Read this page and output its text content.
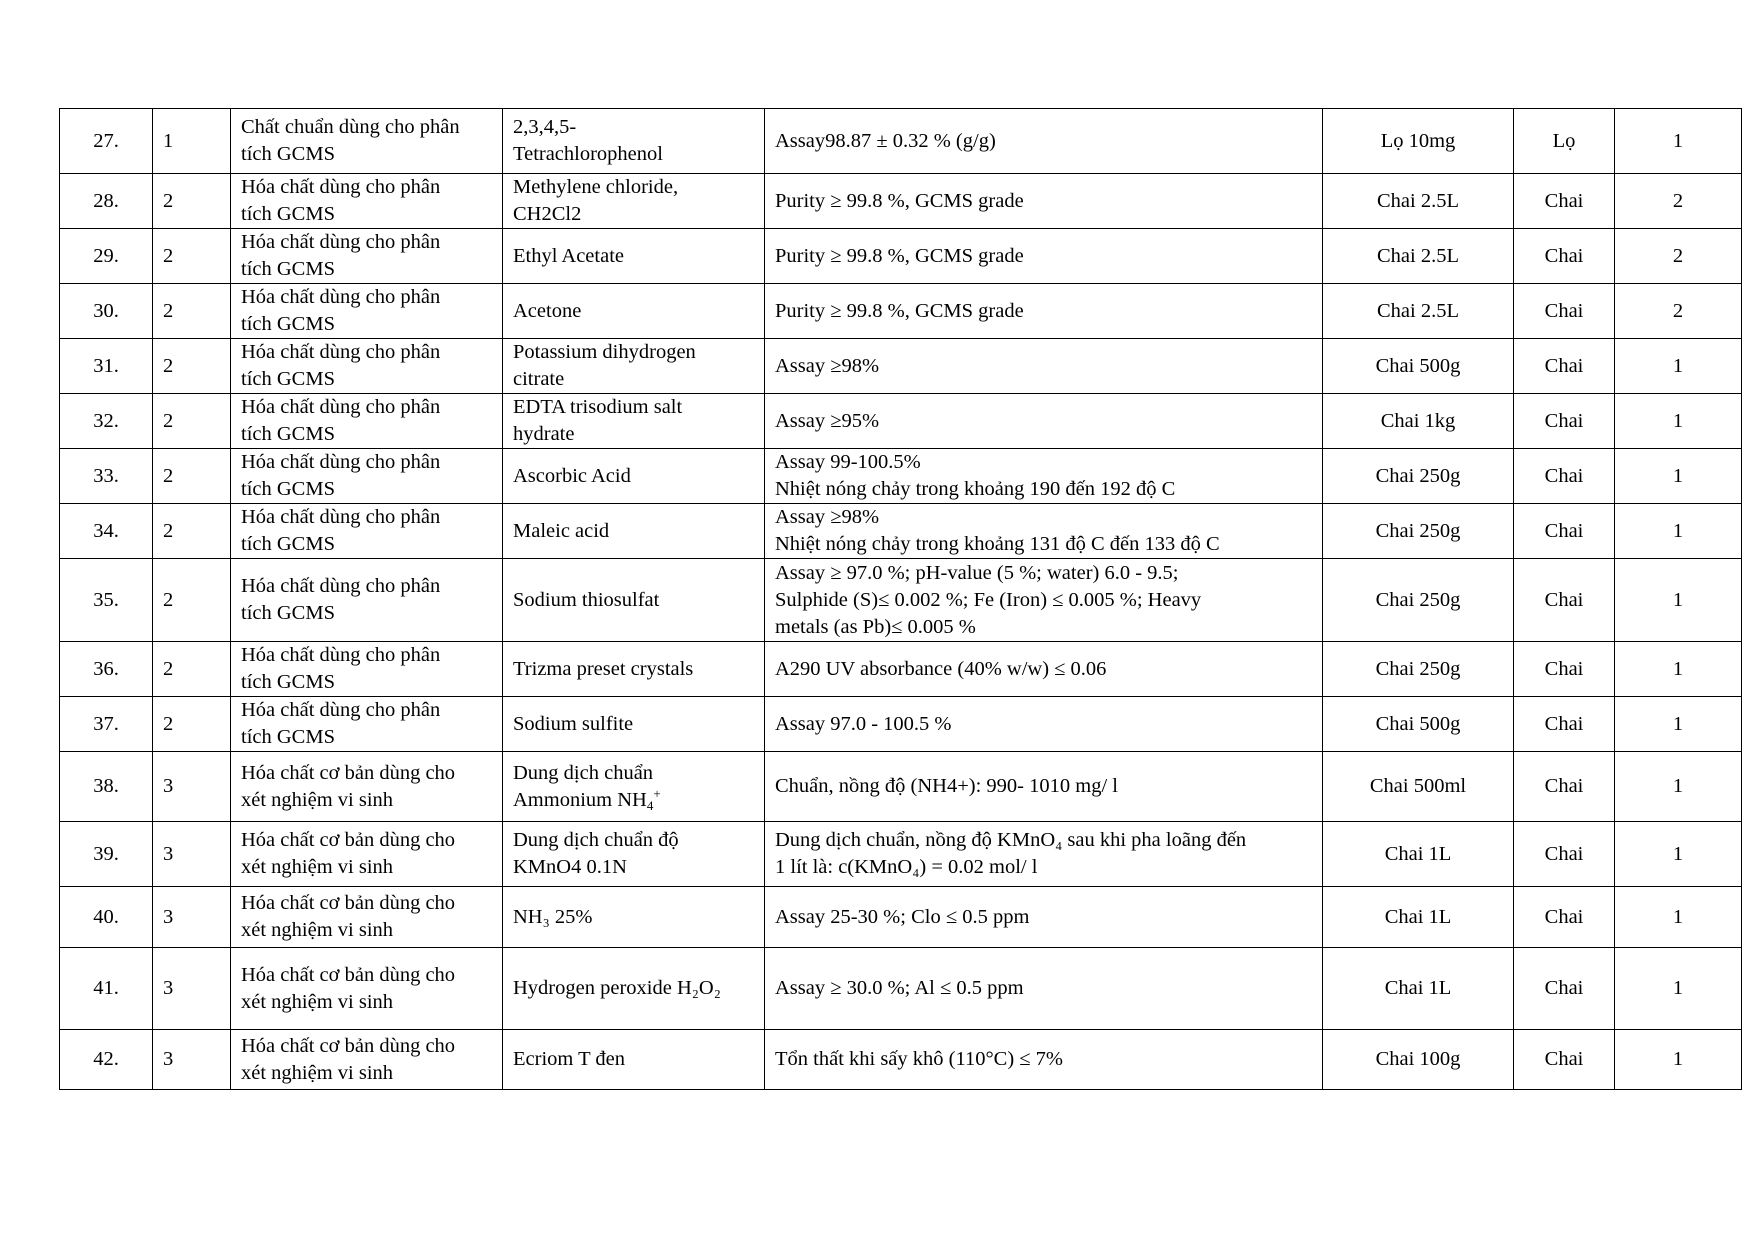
27.	1	Chất chuẩn dùng cho phân
tích GCMS	2,3,4,5-
Tetrachlorophenol	Assay98.87 ± 0.32 % (g/g)	Lọ 10mg	Lọ	1
28.	2	Hóa chất dùng cho phân
tích GCMS	Methylene chloride,
CH2Cl2	Purity ≥ 99.8 %, GCMS grade	Chai 2.5L	Chai	2
29.	2	Hóa chất dùng cho phân
tích GCMS	Ethyl Acetate	Purity ≥ 99.8 %, GCMS grade	Chai 2.5L	Chai	2
30.	2	Hóa chất dùng cho phân
tích GCMS	Acetone	Purity ≥ 99.8 %, GCMS grade	Chai 2.5L	Chai	2
31.	2	Hóa chất dùng cho phân
tích GCMS	Potassium dihydrogen
citrate	Assay ≥98%	Chai 500g	Chai	1
32.	2	Hóa chất dùng cho phân
tích GCMS	EDTA trisodium salt
hydrate	Assay ≥95%	Chai 1kg	Chai	1
33.	2	Hóa chất dùng cho phân
tích GCMS	Ascorbic Acid	Assay 99-100.5%
Nhiệt nóng chảy trong khoảng 190 đến 192 độ C	Chai 250g	Chai	1
34.	2	Hóa chất dùng cho phân
tích GCMS	Maleic acid	Assay ≥98%
Nhiệt nóng chảy trong khoảng 131 độ C đến 133 độ C	Chai 250g	Chai	1
35.	2	Hóa chất dùng cho phân
tích GCMS	Sodium thiosulfat	Assay ≥ 97.0 %; pH-value (5 %; water) 6.0 - 9.5;
Sulphide (S)≤ 0.002 %; Fe (Iron) ≤ 0.005 %; Heavy
metals (as Pb)≤ 0.005 %	Chai 250g	Chai	1
36.	2	Hóa chất dùng cho phân
tích GCMS	Trizma preset crystals	A290 UV absorbance (40% w/w) ≤ 0.06	Chai 250g	Chai	1
37.	2	Hóa chất dùng cho phân
tích GCMS	Sodium sulfite	Assay 97.0 - 100.5 %	Chai 500g	Chai	1
38.	3	Hóa chất cơ bản dùng cho
xét nghiệm vi sinh	Dung dịch chuẩn
Ammonium $NH_4^+$	Chuẩn, nồng độ (NH4+): 990- 1010 mg/ l	Chai 500ml	Chai	1
39.	3	Hóa chất cơ bản dùng cho
xét nghiệm vi sinh	Dung dịch chuẩn độ
KMnO4 0.1N	Dung dịch chuẩn, nồng độ KMnO₄ sau khi pha loãng đến
1 lít là: c(KMnO₄) = 0.02 mol/ l	Chai 1L	Chai	1
40.	3	Hóa chất cơ bản dùng cho
xét nghiệm vi sinh	NH₃ 25%	Assay 25-30 %; Clo ≤ 0.5 ppm	Chai 1L	Chai	1
41.	3	Hóa chất cơ bản dùng cho
xét nghiệm vi sinh	Hydrogen peroxide H₂O₂	Assay ≥ 30.0 %; Al ≤ 0.5 ppm	Chai 1L	Chai	1
42.	3	Hóa chất cơ bản dùng cho
xét nghiệm vi sinh	Ecriom T đen	Tổn thất khi sấy khô (110°C) ≤ 7%	Chai 100g	Chai	1
